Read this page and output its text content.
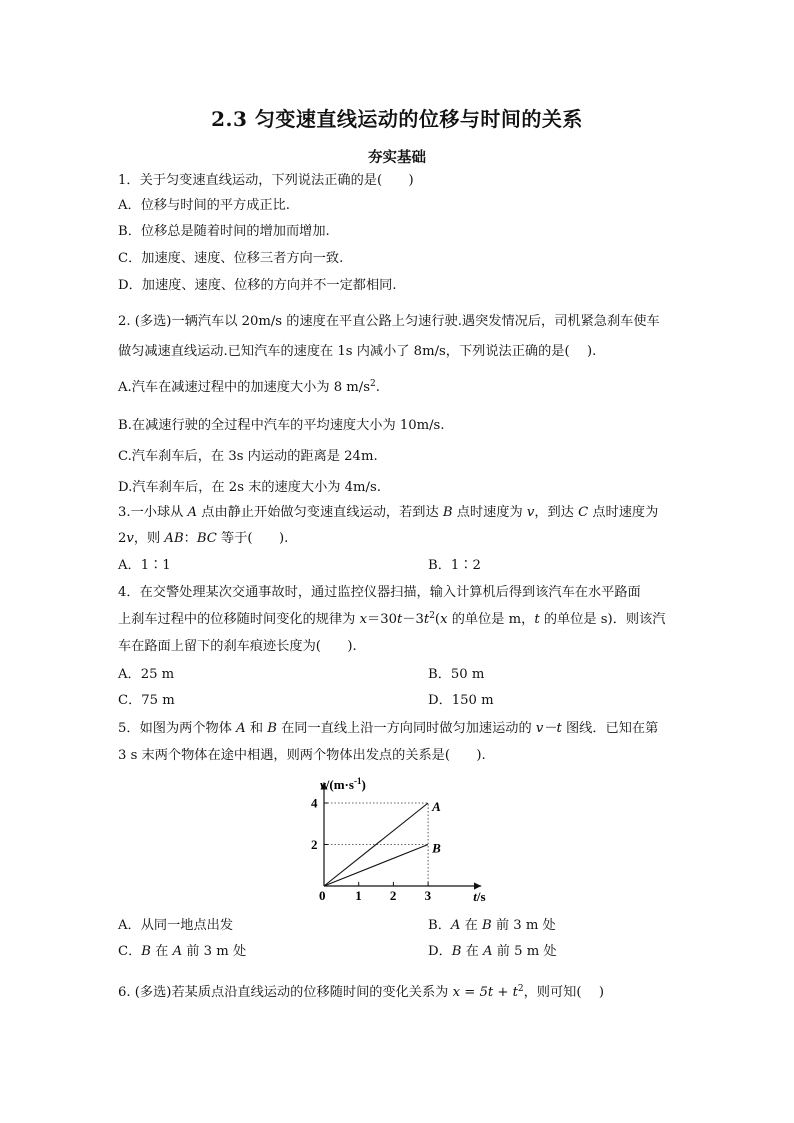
2.3 匀变速直线运动的位移与时间的关系
夯实基础
1．关于匀变速直线运动，下列说法正确的是(　　)
A．位移与时间的平方成正比.
B．位移总是随着时间的增加而增加.
C．加速度、速度、位移三者方向一致.
D．加速度、速度、位移的方向并不一定都相同.
2. (多选)一辆汽车以 20m/s 的速度在平直公路上匀速行驶.遇突发情况后，司机紧急刹车使车
做匀减速直线运动.已知汽车的速度在 1s 内减小了 8m/s，下列说法正确的是(　 ).
A.汽车在减速过程中的加速度大小为 8 $m/s^2$.
B.在减速行驶的全过程中汽车的平均速度大小为 10m/s.
C.汽车刹车后，在 3s 内运动的距离是 24m.
D.汽车刹车后，在 2s 末的速度大小为 4m/s.
3.一小球从 A 点由静止开始做匀变速直线运动，若到达 B 点时速度为 v，到达 C 点时速度为
2v，则 AB：BC 等于(　　).
A．1∶1	B．1∶2
4．在交警处理某次交通事故时，通过监控仪器扫描，输入计算机后得到该汽车在水平路面
上刹车过程中的位移随时间变化的规律为 $x=30t-3t^2(x$ 的单位是 m，t 的单位是 s)．则该汽
车在路面上留下的刹车痕迹长度为(　　).
A．25 m	B．50 m
C．75 m	D．150 m
5．如图为两个物体 A 和 B 在同一直线上沿一方向同时做匀加速运动的 v－t 图线．已知在第
3 s 末两个物体在途中相遇，则两个物体出发点的关系是(　　).
A
B
1 2 3
2
4
0
$v/(m\cdot s^{-1})$
t/s
A．从同一地点出发	B．A 在 B 前 3 m 处
C．B 在 A 前 3 m 处	D．B 在 A 前 5 m 处
6. (多选)若某质点沿直线运动的位移随时间的变化关系为 $x = 5t + t^2$，则可知(　 )
